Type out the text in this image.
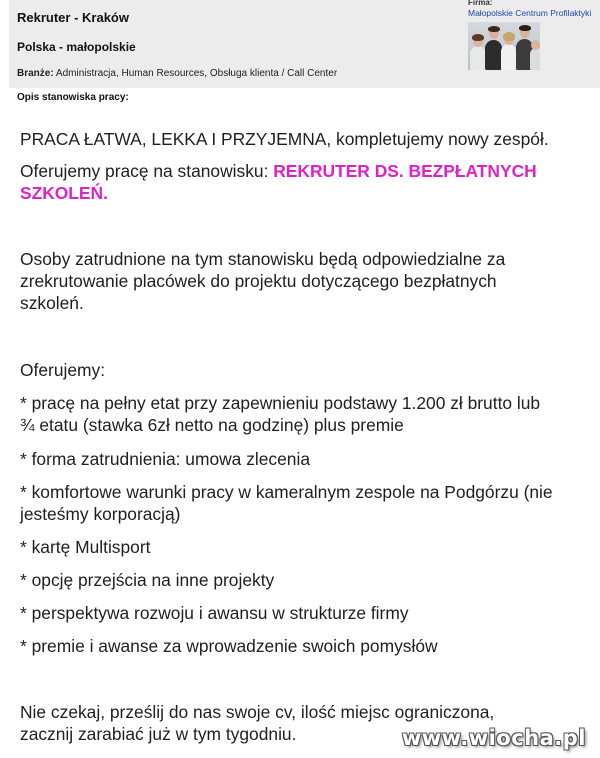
Rekruter - Kraków
Polska - małopolskie
Branże: Administracja, Human Resources, Obsługa klienta / Call Center
Firma:
Małopolskie Centrum Profilaktyki
Opis stanowiska pracy:
PRACA ŁATWA, LEKKA I PRZYJEMNA, kompletujemy nowy zespół.
Oferujemy pracę na stanowisku: REKRUTER DS. BEZPŁATNYCH SZKOLEŃ.
Osoby zatrudnione na tym stanowisku będą odpowiedzialne za zrekrutowanie placówek do projektu dotyczącego bezpłatnych szkoleń.
Oferujemy:
* pracę na pełny etat przy zapewnieniu podstawy 1.200 zł brutto lub ¾ etatu (stawka 6zł netto na godzinę) plus premie
* forma zatrudnienia: umowa zlecenia
* komfortowe warunki pracy w kameralnym zespole na Podgórzu (nie jesteśmy korporacją)
* kartę Multisport
* opcję przejścia na inne projekty
* perspektywa rozwoju i awansu w strukturze firmy
* premie i awanse za wprowadzenie swoich pomysłów
Nie czekaj, prześlij do nas swoje cv, ilość miejsc ograniczona, zacznij zarabiać już w tym tygodniu.	www.wiocha.pl
